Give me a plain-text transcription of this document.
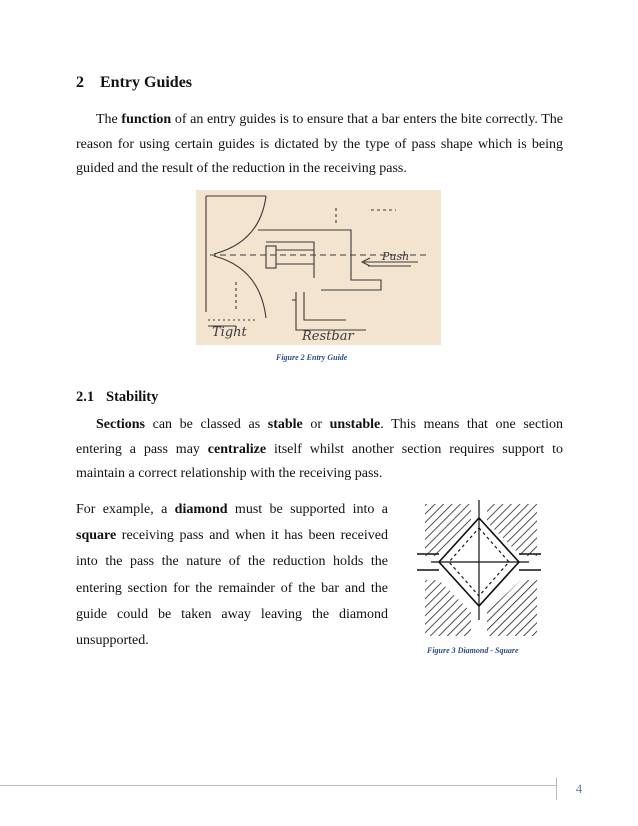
2 Entry Guides

The function of an entry guides is to ensure that a bar enters the bite correctly. The reason for using certain guides is dictated by the type of pass shape which is being guided and the result of the reduction in the receiving pass.

Push
Tight	Restbar
Figure 2 Entry Guide
2.1 Stability

Sections can be classed as stable or unstable. This means that one section entering a pass may centralize itself whilst another section requires support to maintain a correct relationship with the receiving pass.

For example, a diamond must be supported into a square receiving pass and when it has been received into the pass the nature of the reduction holds the entering section for the remainder of the bar and the guide could be taken away leaving the diamond unsupported.

Figure 3 Diamond - Square
4
